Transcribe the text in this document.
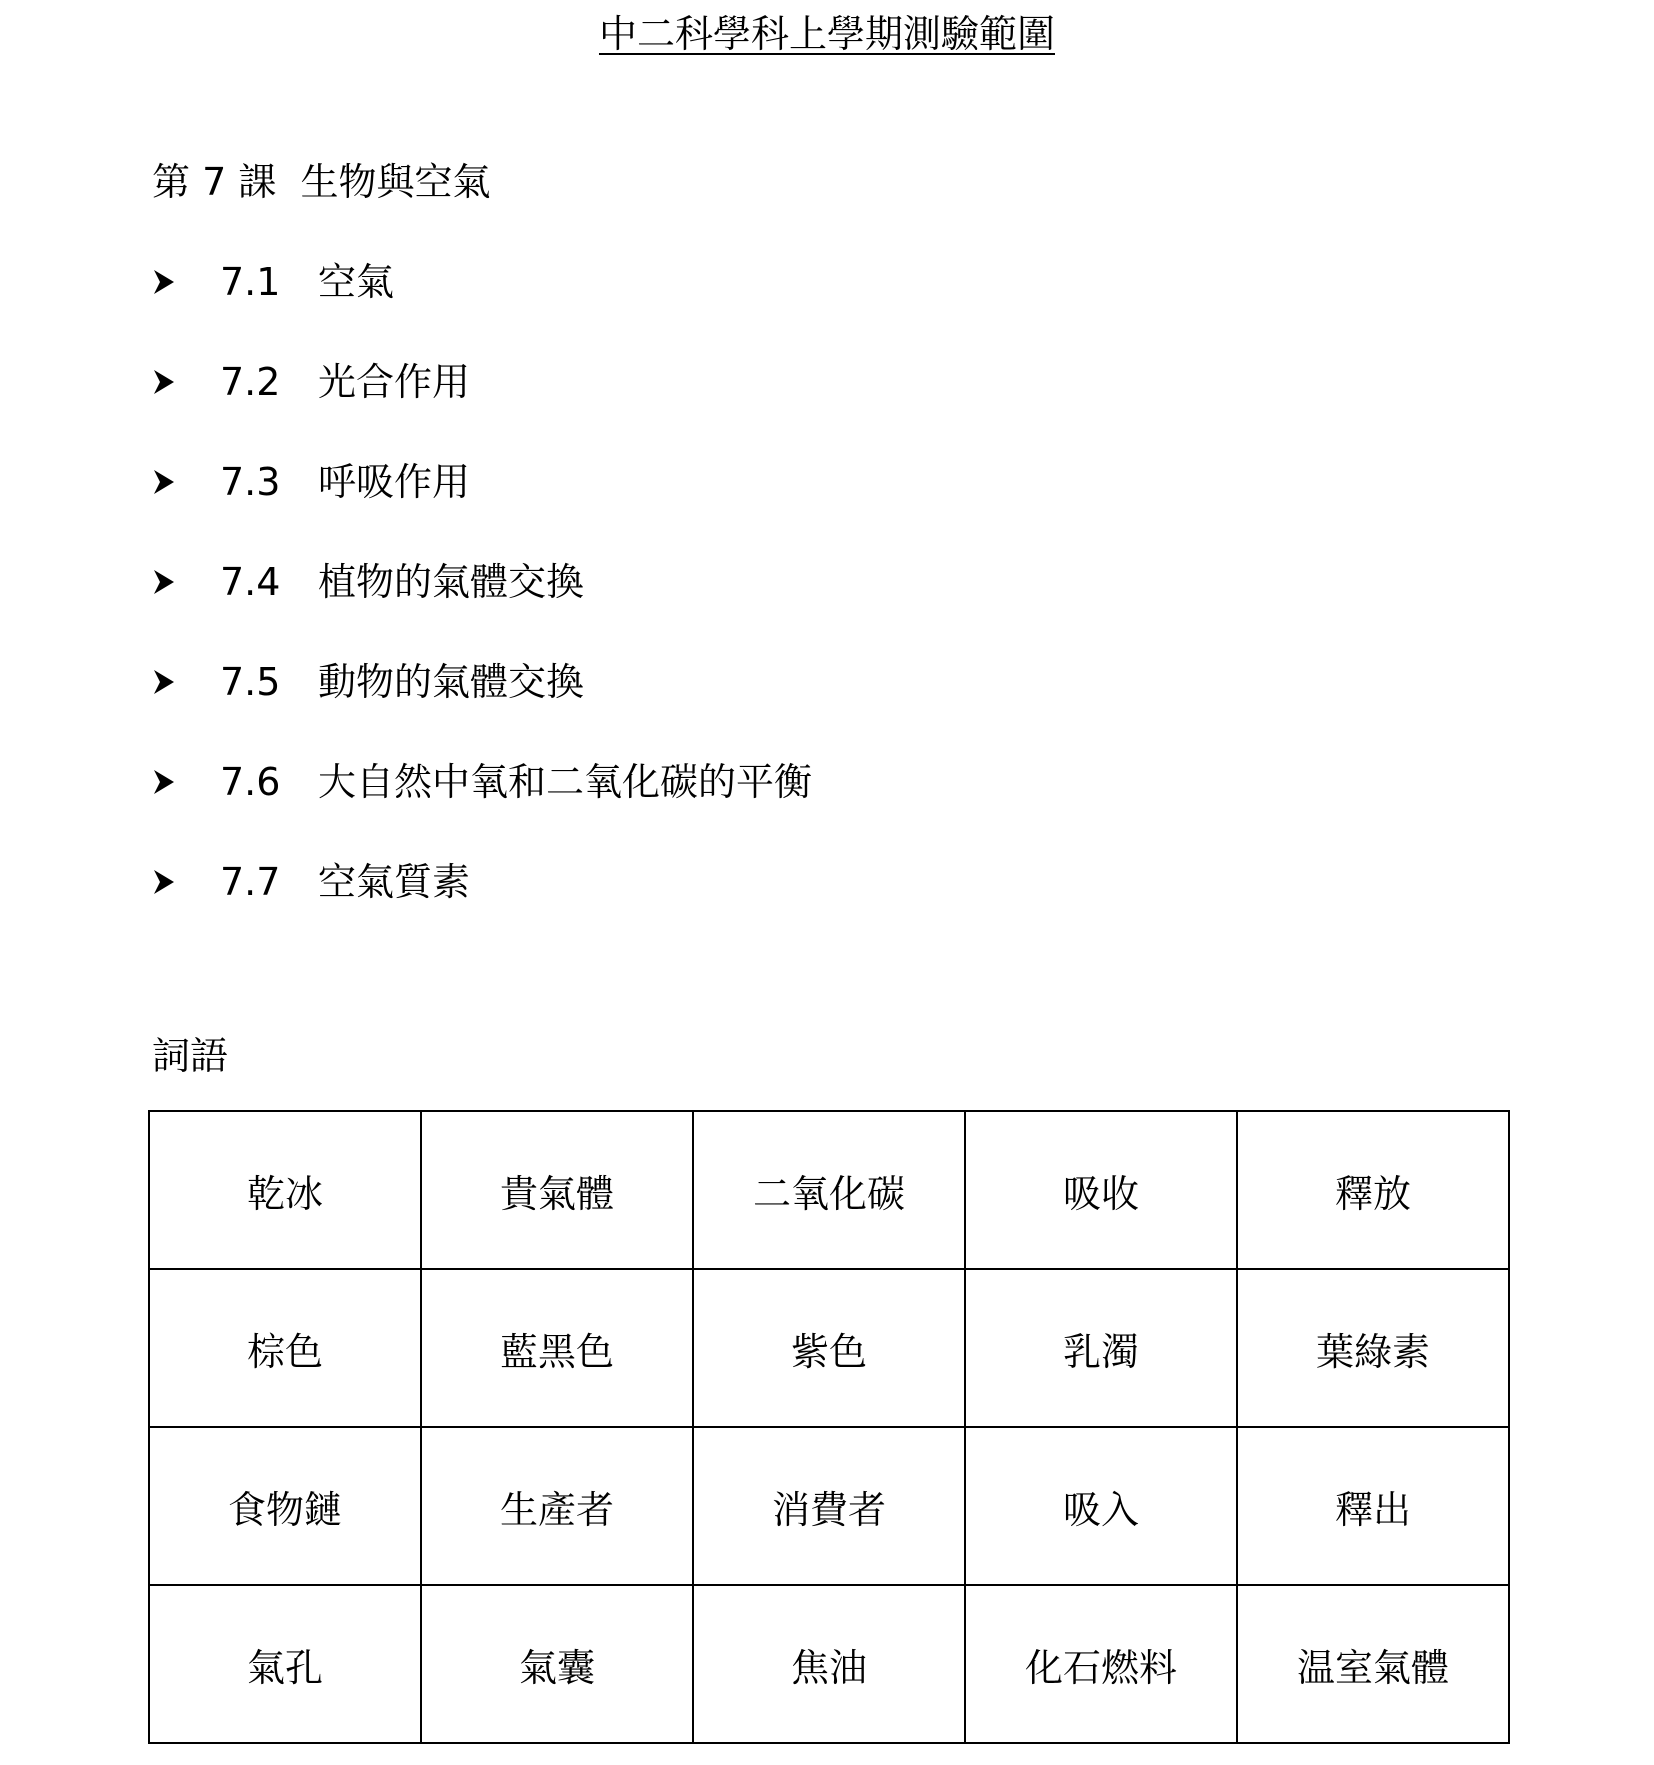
中二科學科上學期測驗範圍
第 7 課  生物與空氣
7.1 空氣
7.2 光合作用
7.3 呼吸作用
7.4 植物的氣體交換
7.5 動物的氣體交換
7.6 大自然中氧和二氧化碳的平衡
7.7 空氣質素
詞語
乾冰	貴氣體	二氧化碳	吸收	釋放
棕色	藍黑色	紫色	乳濁	葉綠素
食物鏈	生產者	消費者	吸入	釋出
氣孔	氣囊	焦油	化石燃料	温室氣體
